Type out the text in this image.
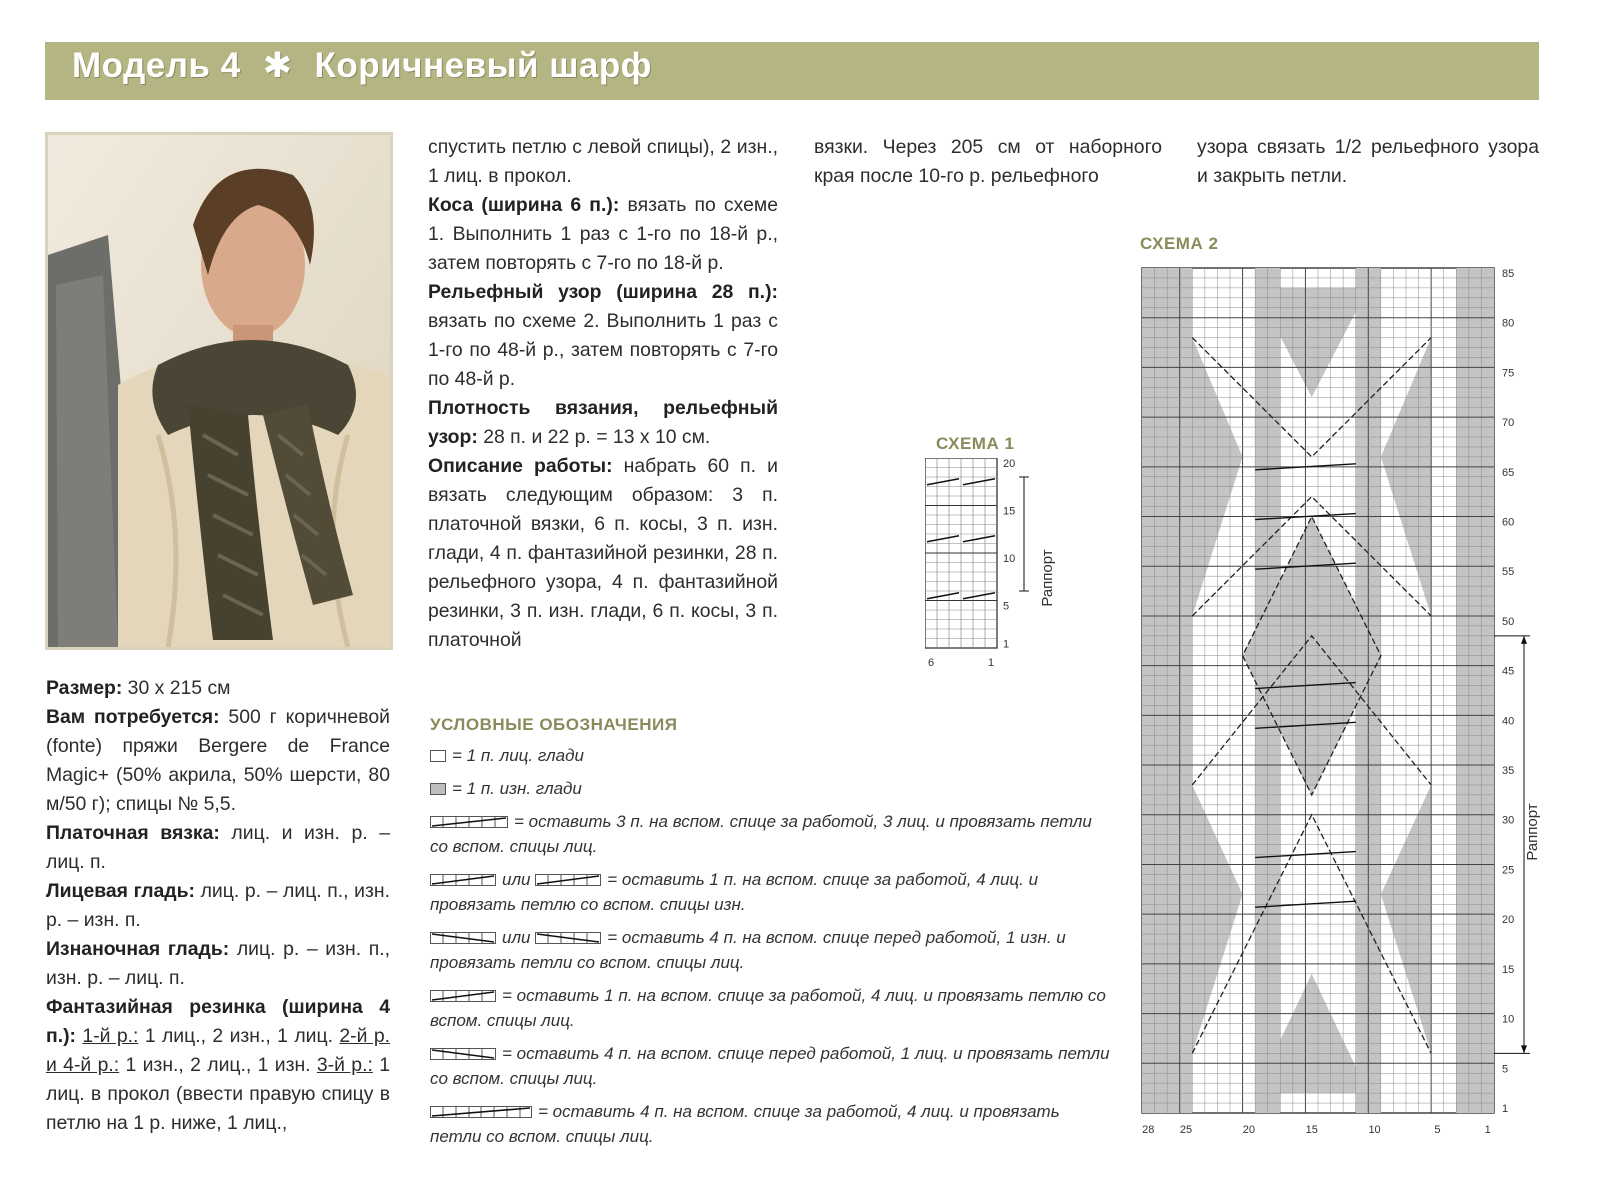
Модель 4 ✱ Коричневый шарф

Размер: 30 х 215 см

Вам потребуется: 500 г коричневой (fonte) пряжи Bergere de France Magic+ (50% акрила, 50% шерсти, 80 м/50 г); спицы № 5,5.

Платочная вязка: лиц. и изн. р. – лиц. п.

Лицевая гладь: лиц. р. – лиц. п., изн. р. – изн. п.

Изнаночная гладь: лиц. р. – изн. п., изн. р. – лиц. п.

Фантазийная резинка (ширина 4 п.): 1-й р.: 1 лиц., 2 изн., 1 лиц. 2-й р. и 4-й р.: 1 изн., 2 лиц., 1 изн. 3-й р.: 1 лиц. в прокол (ввести правую спицу в петлю на 1 р. ниже, 1 лиц.,

спустить петлю с левой спицы), 2 изн., 1 лиц. в прокол.

Коса (ширина 6 п.): вязать по схеме 1. Выполнить 1 раз с 1-го по 18-й р., затем повторять с 7-го по 18-й р.

Рельефный узор (ширина 28 п.): вязать по схеме 2. Выполнить 1 раз с 1-го по 48-й р., затем повторять с 7-го по 48-й р.

Плотность вязания, рельефный узор: 28 п. и 22 р. = 13 х 10 см.

Описание работы: набрать 60 п. и вязать следующим образом: 3 п. платочной вязки, 6 п. косы, 3 п. изн. глади, 4 п. фантазийной резинки, 28 п. рельефного узора, 4 п. фантазийной резинки, 3 п. изн. глади, 6 п. косы, 3 п. платочной

вязки. Через 205 см от наборного края после 10-го р. рельефного
узора связать 1/2 рельефного узора и закрыть петли.
УСЛОВНЫЕ ОБОЗНАЧЕНИЯ
= 1 п. лиц. глади
= 1 п. изн. глади
= оставить 3 п. на вспом. спице за работой, 3 лиц. и провязать петли со вспом. спицы лиц.
или	= оставить 1 п. на вспом. спице за работой, 4 лиц. и провязать петлю со вспом. спицы изн.
или	= оставить 4 п. на вспом. спице перед работой, 1 изн. и провязать петли со вспом. спицы лиц.
= оставить 1 п. на вспом. спице за работой, 4 лиц. и провязать петлю со вспом. спицы лиц.
= оставить 4 п. на вспом. спице перед работой, 1 лиц. и провязать петли со вспом. спицы лиц.
= оставить 4 п. на вспом. спице за работой, 4 лиц. и провязать петли со вспом. спицы лиц.
СХЕМА 1
1
5
10
15
20
6	1
Раппорт
СХЕМА 2
1
5
10
15
20
25
30
35
40
45
50
55
60
65
70
75
80
85
28 25	20	15	10	5	1
Раппорт
